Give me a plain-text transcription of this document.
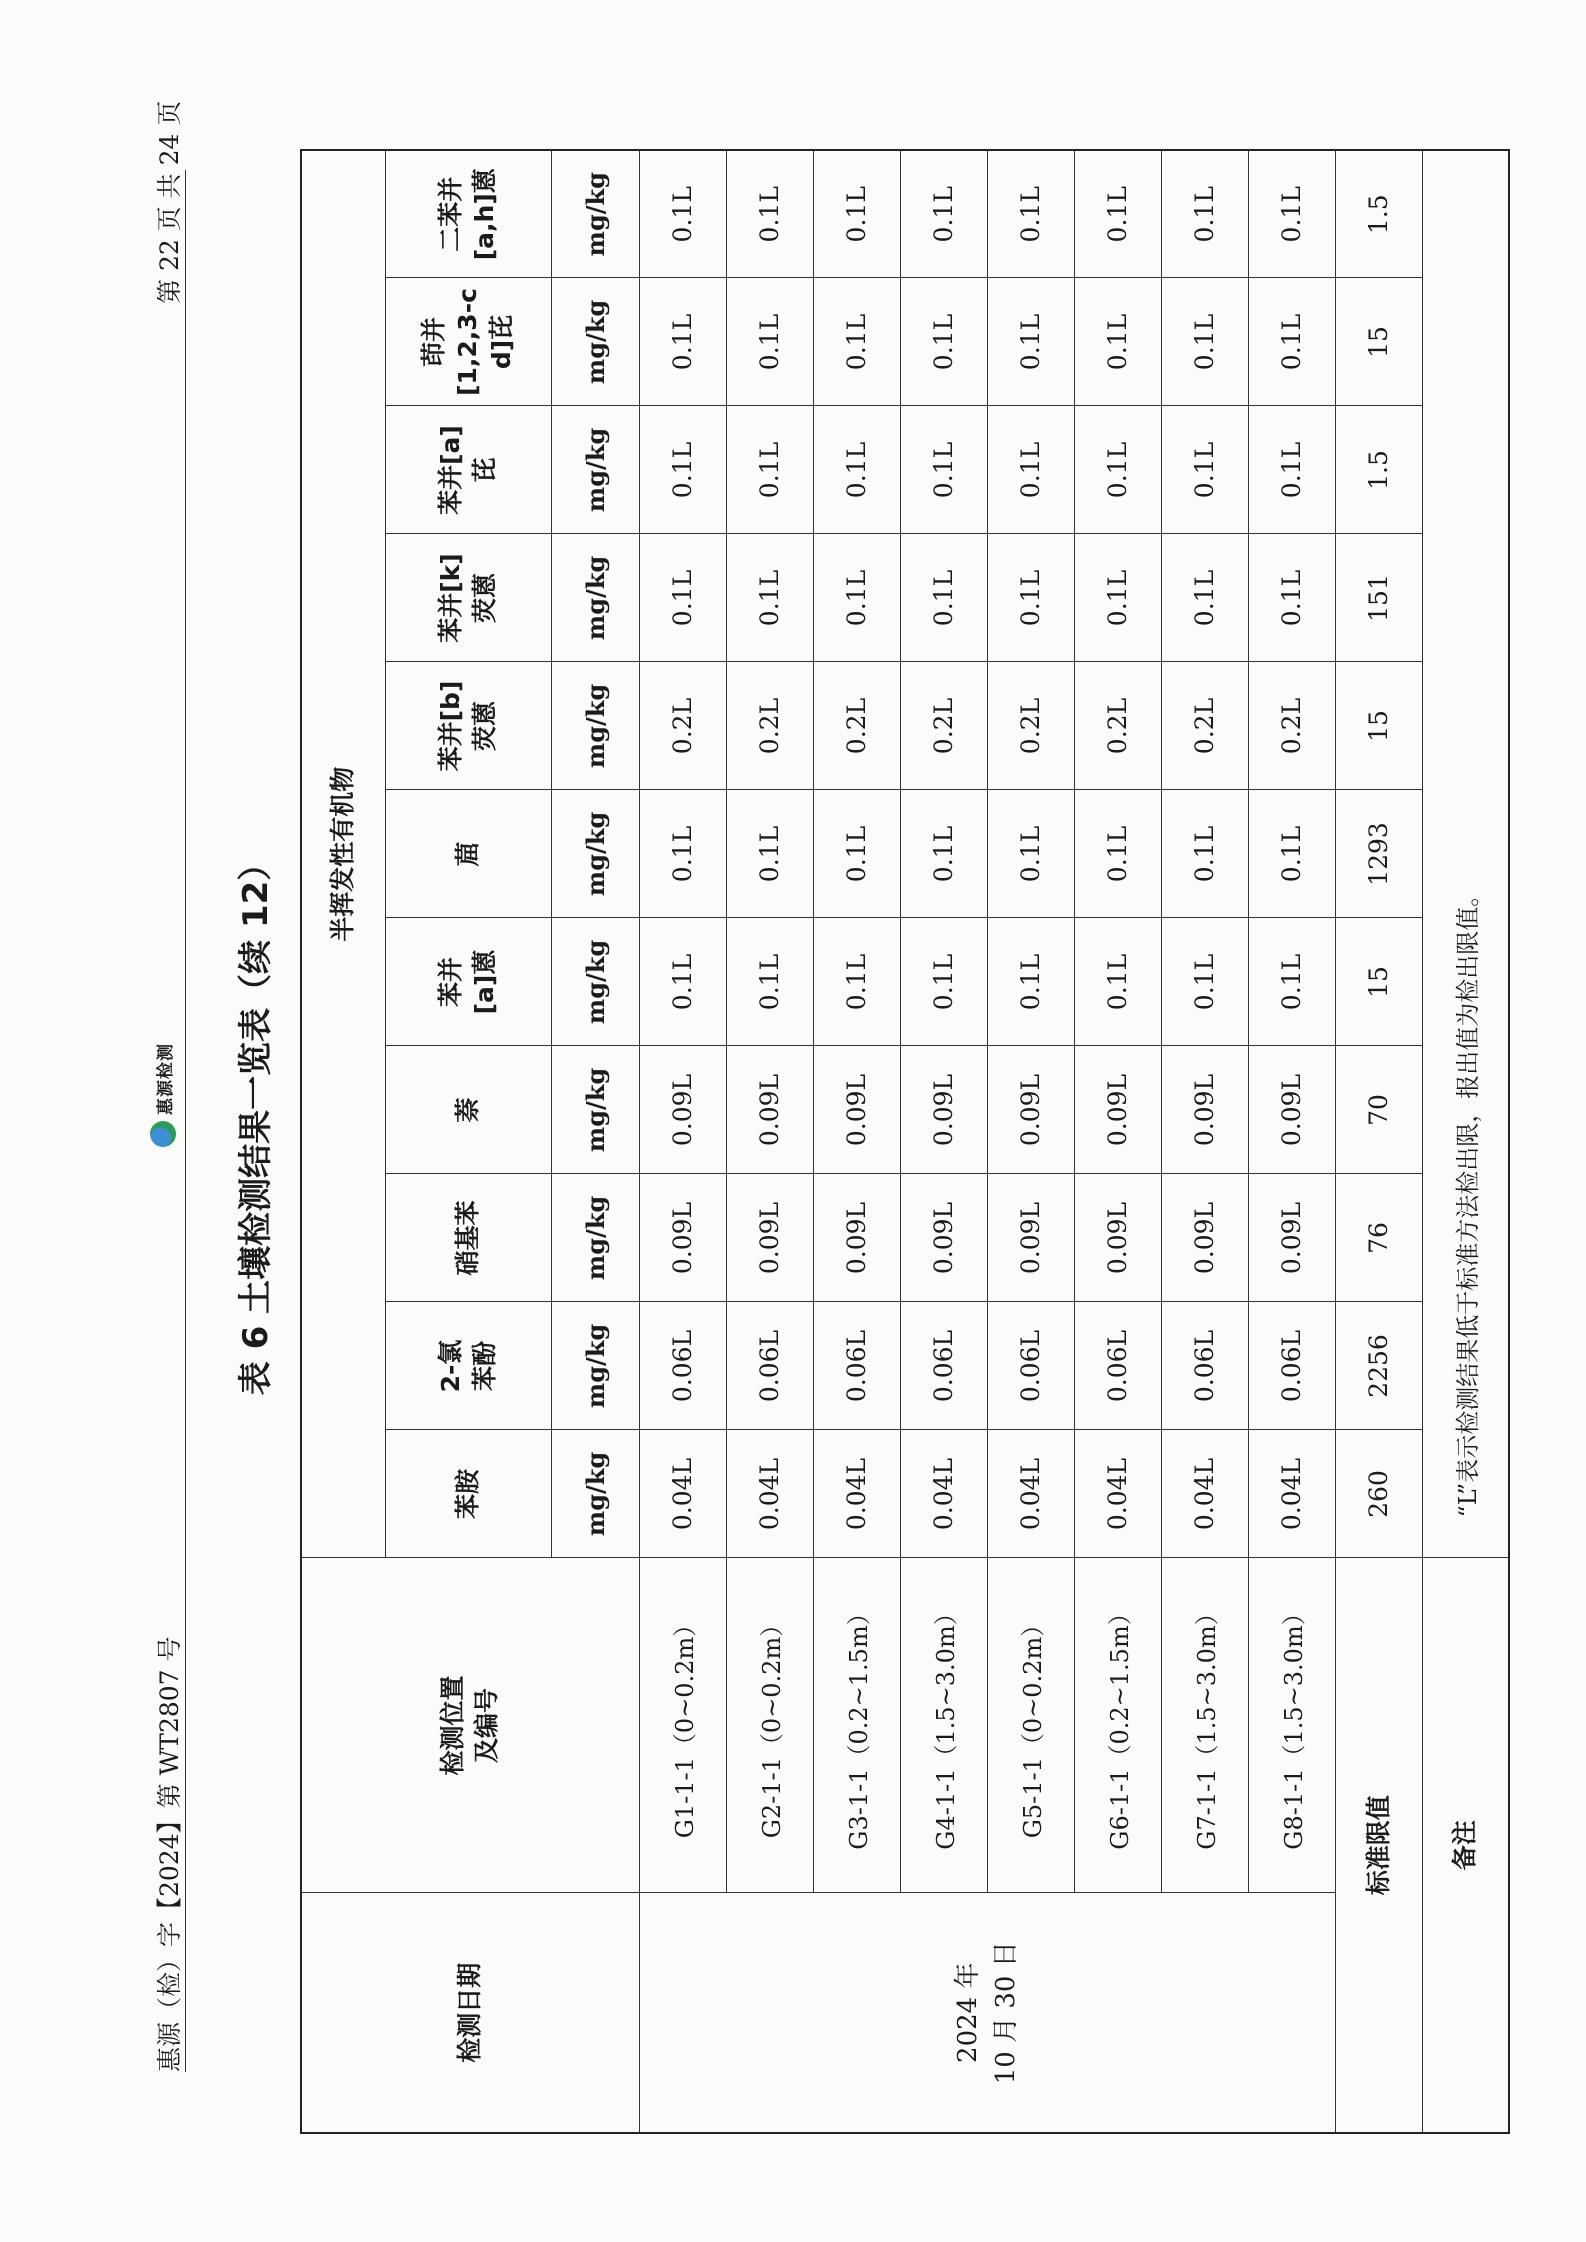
惠源（检）字【2024】第 WT2807 号
惠源检测
第 22 页 共 24 页
表 6 土壤检测结果一览表（续 12）
检测日期	检测位置 及编号	半挥发性有机物										
		苯胺	2-氯 苯酚	硝基苯	萘	苯并 [a]蒽	䓛	苯并[b] 荧蒽	苯并[k] 荧蒽	苯并[a] 芘	茚并 [1,2,3-c d]芘	二苯并 [a,h]蒽
		mg/kg	mg/kg	mg/kg	mg/kg	mg/kg	mg/kg	mg/kg	mg/kg	mg/kg	mg/kg	mg/kg
2024 年 10 月 30 日	G1-1-1（0~0.2m）	0.04L	0.06L	0.09L	0.09L	0.1L	0.1L	0.2L	0.1L	0.1L	0.1L	0.1L
	G2-1-1（0~0.2m）	0.04L	0.06L	0.09L	0.09L	0.1L	0.1L	0.2L	0.1L	0.1L	0.1L	0.1L
	G3-1-1（0.2~1.5m）	0.04L	0.06L	0.09L	0.09L	0.1L	0.1L	0.2L	0.1L	0.1L	0.1L	0.1L
	G4-1-1（1.5~3.0m）	0.04L	0.06L	0.09L	0.09L	0.1L	0.1L	0.2L	0.1L	0.1L	0.1L	0.1L
	G5-1-1（0~0.2m）	0.04L	0.06L	0.09L	0.09L	0.1L	0.1L	0.2L	0.1L	0.1L	0.1L	0.1L
	G6-1-1（0.2~1.5m）	0.04L	0.06L	0.09L	0.09L	0.1L	0.1L	0.2L	0.1L	0.1L	0.1L	0.1L
	G7-1-1（1.5~3.0m）	0.04L	0.06L	0.09L	0.09L	0.1L	0.1L	0.2L	0.1L	0.1L	0.1L	0.1L
	G8-1-1（1.5~3.0m）	0.04L	0.06L	0.09L	0.09L	0.1L	0.1L	0.2L	0.1L	0.1L	0.1L	0.1L
标准限值		260	2256	76	70	15	1293	15	151	1.5	15	1.5
备注		“L”表示检测结果低于标准方法检出限，报出值为检出限值。										
